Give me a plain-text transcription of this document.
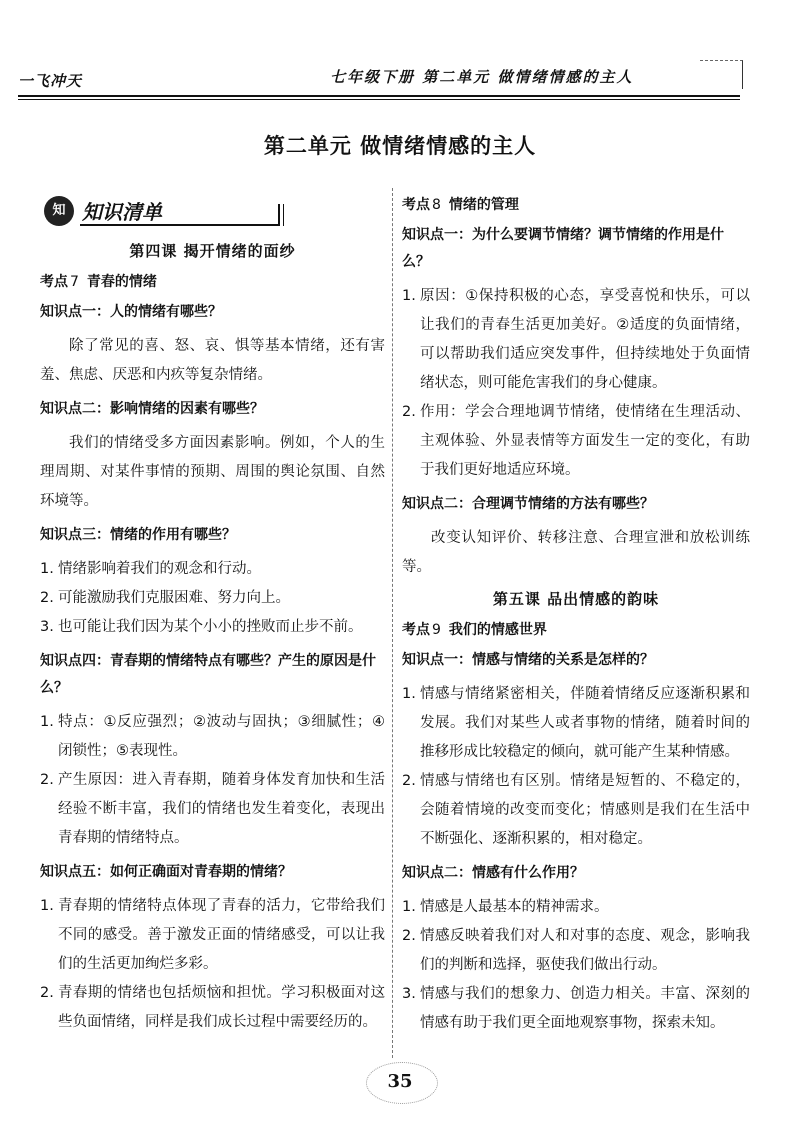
一飞冲天	七年级下册 第二单元 做情绪情感的主人
第二单元 做情绪情感的主人
知 知识清单
第四课 揭开情绪的面纱
考点 7 青春的情绪
知识点一：人的情绪有哪些？

除了常见的喜、怒、哀、惧等基本情绪，还有害羞、焦虑、厌恶和内疚等复杂情绪。

知识点二：影响情绪的因素有哪些？

我们的情绪受多方面因素影响。例如，个人的生理周期、对某件事情的预期、周围的舆论氛围、自然环境等。

知识点三：情绪的作用有哪些？
1. 情绪影响着我们的观念和行动。
2. 可能激励我们克服困难、努力向上。
3. 也可能让我们因为某个小小的挫败而止步不前。
知识点四：青春期的情绪特点有哪些？产生的原因是什么？
1. 特点：①反应强烈；②波动与固执；③细腻性；④闭锁性；⑤表现性。
2. 产生原因：进入青春期，随着身体发育加快和生活经验不断丰富，我们的情绪也发生着变化，表现出青春期的情绪特点。
知识点五：如何正确面对青春期的情绪？
1. 青春期的情绪特点体现了青春的活力，它带给我们不同的感受。善于激发正面的情绪感受，可以让我们的生活更加绚烂多彩。
2. 青春期的情绪也包括烦恼和担忧。学习积极面对这些负面情绪，同样是我们成长过程中需要经历的。
考点 8 情绪的管理
知识点一：为什么要调节情绪？调节情绪的作用是什么？
1. 原因：①保持积极的心态，享受喜悦和快乐，可以让我们的青春生活更加美好。②适度的负面情绪，可以帮助我们适应突发事件，但持续地处于负面情绪状态，则可能危害我们的身心健康。
2. 作用：学会合理地调节情绪，使情绪在生理活动、主观体验、外显表情等方面发生一定的变化，有助于我们更好地适应环境。
知识点二：合理调节情绪的方法有哪些？

改变认知评价、转移注意、合理宣泄和放松训练等。

第五课 品出情感的韵味
考点 9 我们的情感世界
知识点一：情感与情绪的关系是怎样的？
1. 情感与情绪紧密相关，伴随着情绪反应逐渐积累和发展。我们对某些人或者事物的情绪，随着时间的推移形成比较稳定的倾向，就可能产生某种情感。
2. 情感与情绪也有区别。情绪是短暂的、不稳定的，会随着情境的改变而变化；情感则是我们在生活中不断强化、逐渐积累的，相对稳定。
知识点二：情感有什么作用？
1. 情感是人最基本的精神需求。
2. 情感反映着我们对人和对事的态度、观念，影响我们的判断和选择，驱使我们做出行动。
3. 情感与我们的想象力、创造力相关。丰富、深刻的情感有助于我们更全面地观察事物，探索未知。
35
